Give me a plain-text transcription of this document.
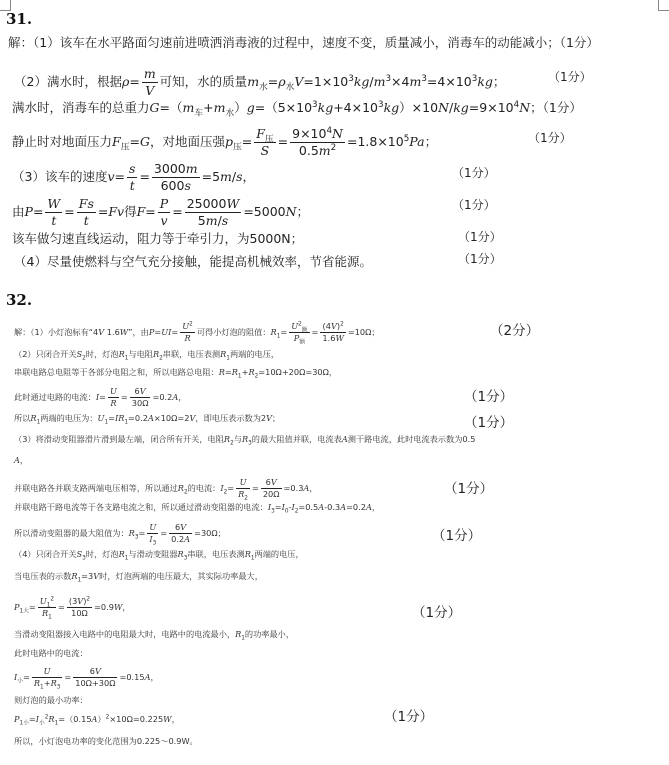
31.
解：（1）该车在水平路面匀速前进喷洒消毒液的过程中，速度不变，质量减小，消毒车的动能减小；（1分）
（2）满水时，根据$\rho= \frac{m}{V}$ 可知，水的质量$m_水=\rho_水V=1\times 10^3kg/m^3\times 4m^3=4\times 10^3kg$；
满水时，消毒车的总重力$G=(m_车+m_水)g=(5\times 10^3kg+4\times 10^3kg)\times 10N/kg=9\times 10^4N$；（1分）
静止时对地面压力$F_压=G$，对地面压强$p_压= \frac{F_压}{S} = \frac{9\times 10^4N}{0.5m^2} =1.8\times 10^5Pa$；
（3）该车的速度$v= \frac{s}{t} = \frac{3000m}{600s} =5m/s$，
由$P= \frac{W}{t} = \frac{Fs}{t} =Fv$得$F= \frac{P}{v} = \frac{25000W}{5m/s} =5000N$；
该车做匀速直线运动，阻力等于牵引力，为5000N；
（4）尽量使燃料与空气充分接触，能提高机械效率，节省能源。
（1分）
（1分）
（1分）
（1分）
（1分）
（1分）
32.
解：（1）小灯泡标有“4V 1.6W”，由$P=UI= \frac{U^2}{R}$ 可得小灯泡的阻值：$R_1= \frac{U^2_额}{P_额} = \frac{(4V)^2}{1.6W} =10\Omega$；
（2）只闭合开关$S_2$时，灯泡$R_1$与电阻$R_2$串联，电压表测$R_1$两端的电压，
串联电路总电阻等于各部分电阻之和，所以电路总电阻：$R=R_1+R_2=10\Omega+20\Omega=30\Omega$，
此时通过电路的电流：$I= \frac{U}{R} = \frac{6V}{30\Omega} =0.2A$，
所以$R_1$两端的电压为：$U_1=IR_1=0.2A\times 10\Omega=2V$，即电压表示数为2V；
（3）将滑动变阻器滑片滑到最左端，闭合所有开关，电阻$R_2$与$R_3$的最大阻值并联，电流表A测干路电流，此时电流表示数为0.5
A，
并联电路各并联支路两端电压相等，所以通过$R_2$的电流：$I_2= \frac{U}{R_2} = \frac{6V}{20\Omega} =0.3A$，
并联电路干路电流等于各支路电流之和，所以通过滑动变阻器的电流：$I_3=I_0-I_2=0.5A-0.3A=0.2A$，
所以滑动变阻器的最大阻值为：$R_3= \frac{U}{I_3} = \frac{6V}{0.2A} =30\Omega$；
（4）只闭合开关$S_3$时，灯泡$R_1$与滑动变阻器$R_3$串联，电压表测$R_1$两端的电压，
当电压表的示数$R_1=3V$时，灯泡两端的电压最大，其实际功率最大，
$P_{1大}= \frac{U_1^2}{R_1} = \frac{(3V)^2}{10\Omega} =0.9W$，
当滑动变阻器接入电路中的电阻最大时，电路中的电流最小，$R_1$的功率最小，
此时电路中的电流：
$I_小= \frac{U}{R_1+R_3} = \frac{6V}{10\Omega+30\Omega} =0.15A$，
则灯泡的最小功率：
$P_{1小}=I_小^2R_1=(0.15A)^2\times 10\Omega=0.225W$，
所以，小灯泡电功率的变化范围为0.225～0.9W。
（2分）
（1分）
（1分）
（1分）
（1分）
（1分）
（1分）
